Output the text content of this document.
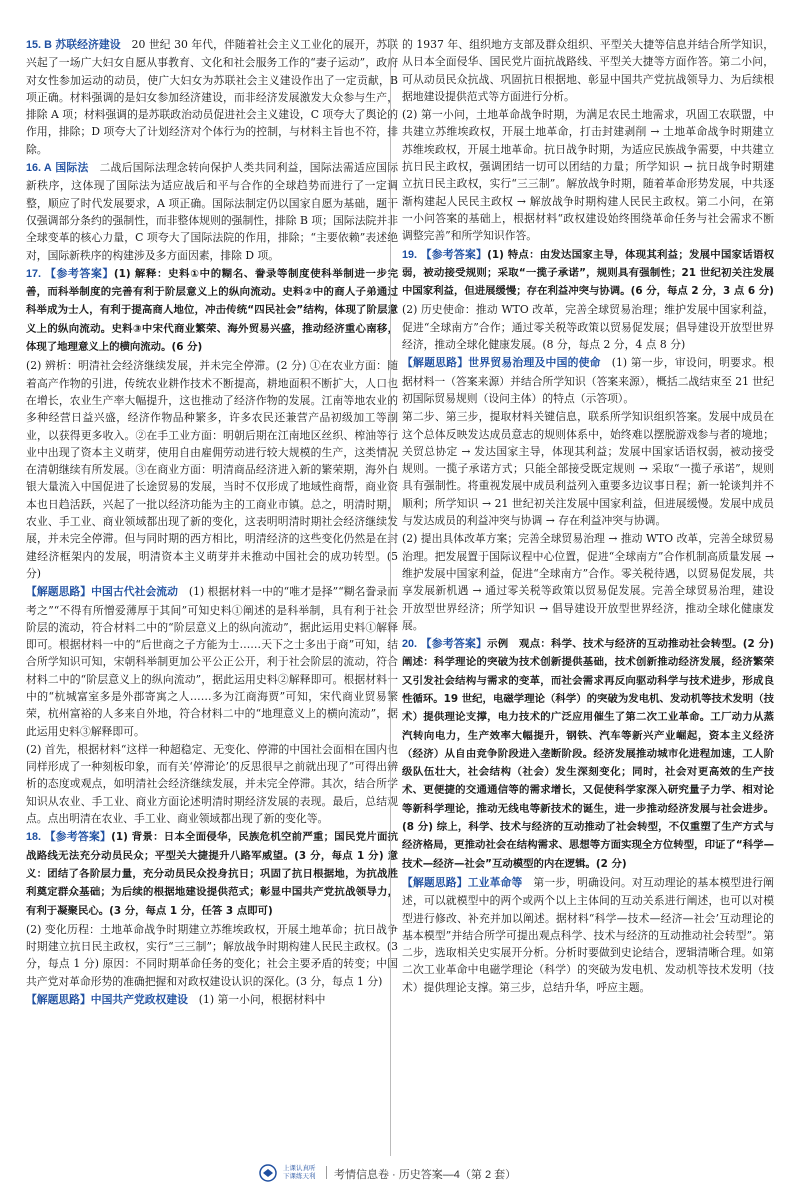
15. B 苏联经济建设　 20 世纪 30 年代，伴随着社会主义工业化的展开，苏联兴起了一场广大妇女自愿从事教育、文化和社会服务工作的“妻子运动”，政府对女性参加运动的动员，使广大妇女为苏联社会主义建设作出了一定贡献，B 项正确。材料强调的是妇女参加经济建设，而非经济发展激发大众参与生产，排除 A 项；材料强调的是苏联政治动员促进社会主义建设，C 项夸大了舆论的作用，排除；D 项夸大了计划经济对个体行为的控制，与材料主旨也不符，排除。

16. A 国际法　 二战后国际法理念转向保护人类共同利益，国际法需适应国际新秩序，这体现了国际法为适应战后和平与合作的全球趋势而进行了一定调整，顺应了时代发展要求，A 项正确。国际法制定仍以国家自愿为基础，题干仅强调部分条约的强制性，而非整体规则的强制性，排除 B 项；国际法院并非全球变革的核心力量，C 项夸大了国际法院的作用，排除；“主要依赖”表述绝对，国际新秩序的构建涉及多方面因素，排除 D 项。

17. 【参考答案】(1) 解释：史料①中的糊名、誊录等制度使科举制进一步完善，而科举制度的完善有利于阶层意义上的纵向流动。史料②中的商人子弟通过科举成为士人，有利于提高商人地位，冲击传统“四民社会”结构，体现了阶层意义上的纵向流动。史料③中宋代商业繁荣、海外贸易兴盛，推动经济重心南移，体现了地理意义上的横向流动。(6 分)

(2) 辨析：明清社会经济继续发展，并未完全停滞。(2 分) ①在农业方面：随着高产作物的引进，传统农业耕作技术不断提高，耕地面积不断扩大，人口也在增长，农业生产率大幅提升，这也推动了经济作物的发展。江南等地农业的多种经营日益兴盛，经济作物品种繁多，许多农民还兼营产品初级加工等副业，以获得更多收入。②在手工业方面：明朝后期在江南地区丝织、榨油等行业中出现了资本主义萌芽，使用自由雇佣劳动进行较大规模的生产，这类情况在清朝继续有所发展。③在商业方面：明清商品经济进入新的繁荣期，海外白银大量流入中国促进了长途贸易的发展，当时不仅形成了地域性商帮，商业资本也日趋活跃，兴起了一批以经济功能为主的工商业市镇。总之，明清时期，农业、手工业、商业领域都出现了新的变化，这表明明清时期社会经济继续发展，并未完全停滞。但与同时期的西方相比，明清经济的这些变化仍然是在封建经济框架内的发展，明清资本主义萌芽并未推动中国社会的成功转型。(5 分)

【解题思路】中国古代社会流动　 (1) 根据材料一中的“唯才是择”“糊名誊录而考之”“不得有所憎爱薄厚于其间”可知史料①阐述的是科举制，具有利于社会阶层的流动，符合材料二中的“阶层意义上的纵向流动”，据此运用史料①解释即可。根据材料一中的“后世商之子方能为士……天下之士多出于商”可知，结合所学知识可知，宋朝科举制更加公平公正公开，利于社会阶层的流动，符合材料二中的“阶层意义上的纵向流动”，据此运用史料②解释即可。根据材料一中的“杭城富室多是外郡寄寓之人……多为江商海贾”可知，宋代商业贸易繁荣，杭州富裕的人多来自外地，符合材料二中的“地理意义上的横向流动”，据此运用史料③解释即可。

(2) 首先，根据材料“这样一种超稳定、无变化、停滞的中国社会面相在国内也同样形成了一种刻板印象，而有关‘停滞论’的反思很早之前就出现了”可得出辨析的态度或观点，如明清社会经济继续发展，并未完全停滞。其次，结合所学知识从农业、手工业、商业方面论述明清时期经济发展的表现。最后，总结观点。点出明清在农业、手工业、商业领域都出现了新的变化等。

18. 【参考答案】(1) 背景：日本全面侵华，民族危机空前严重；国民党片面抗战路线无法充分动员民众；平型关大捷提升八路军威望。(3 分，每点 1 分) 意义：团结了各阶层力量，充分动员民众投身抗日；巩固了抗日根据地，为抗战胜利奠定群众基础；为后续的根据地建设提供范式；彰显中国共产党抗战领导力，有利于凝聚民心。(3 分，每点 1 分，任答 3 点即可)

(2) 变化历程：土地革命战争时期建立苏维埃政权，开展土地革命；抗日战争时期建立抗日民主政权，实行“三三制”；解放战争时期构建人民民主政权。(3 分，每点 1 分) 原因：不同时期革命任务的变化；社会主要矛盾的转变；中国共产党对革命形势的准确把握和对政权建设认识的深化。(3 分，每点 1 分)

【解题思路】中国共产党政权建设　 (1) 第一小问，根据材料中

的 1937 年、组织地方支部及群众组织、平型关大捷等信息并结合所学知识，从日本全面侵华、国民党片面抗战路线、平型关大捷等方面作答。第二小问，可从动员民众抗战、巩固抗日根据地、彰显中国共产党抗战领导力、为后续根据地建设提供范式等方面进行分析。

(2) 第一小问，土地革命战争时期，为满足农民土地需求，巩固工农联盟，中共建立苏维埃政权，开展土地革命，打击封建剥削 → 土地革命战争时期建立苏维埃政权，开展土地革命。抗日战争时期，为适应民族战争需要，中共建立抗日民主政权，强调团结一切可以团结的力量；所学知识 → 抗日战争时期建立抗日民主政权，实行“三三制”。解放战争时期，随着革命形势发展，中共逐渐构建起人民民主政权 → 解放战争时期构建人民民主政权。第二小问，在第一小问答案的基础上，根据材料“政权建设始终围绕革命任务与社会需求不断调整完善”和所学知识作答。

19. 【参考答案】(1) 特点：由发达国家主导，体现其利益；发展中国家话语权弱，被动接受规则；采取“一揽子承诺”，规则具有强制性；21 世纪初关注发展中国家利益，但进展缓慢；存在利益冲突与协调。(6 分，每点 2 分，3 点 6 分)

(2) 历史使命：推动 WTO 改革，完善全球贸易治理；维护发展中国家利益，促进“全球南方”合作；通过零关税等政策以贸易促发展；倡导建设开放型世界经济，推动全球化健康发展。(8 分，每点 2 分，4 点 8 分)

【解题思路】世界贸易治理及中国的使命　 (1) 第一步，审设问，明要求。根据材料一（答案来源）并结合所学知识（答案来源），概括二战结束至 21 世纪初国际贸易规则（设问主体）的特点（示答项）。

第二步、第三步，提取材料关键信息，联系所学知识组织答案。发展中成员在这个总体反映发达成员意志的规则体系中，始终难以摆脱游戏参与者的境地；关贸总协定 → 发达国家主导，体现其利益；发展中国家话语权弱，被动接受规则。一揽子承诺方式；只能全部接受既定规则 → 采取“一揽子承诺”，规则具有强制性。将重视发展中成员利益列入重要多边议事日程；新一轮谈判并不顺利；所学知识 → 21 世纪初关注发展中国家利益，但进展缓慢。发展中成员与发达成员的利益冲突与协调 → 存在利益冲突与协调。

(2) 提出具体改革方案；完善全球贸易治理 → 推动 WTO 改革，完善全球贸易治理。把发展置于国际议程中心位置，促进“全球南方”合作机制高质量发展 → 维护发展中国家利益，促进“全球南方”合作。零关税待遇，以贸易促发展，共享发展新机遇 → 通过零关税等政策以贸易促发展。完善全球贸易治理，建设开放型世界经济；所学知识 → 倡导建设开放型世界经济，推动全球化健康发展。

20. 【参考答案】示例　观点：科学、技术与经济的互动推动社会转型。(2 分) 阐述：科学理论的突破为技术创新提供基础，技术创新推动经济发展，经济繁荣又引发社会结构与需求的变革，而社会需求再反向驱动科学与技术进步，形成良性循环。19 世纪，电磁学理论（科学）的突破为发电机、发动机等技术发明（技术）提供理论支撑，电力技术的广泛应用催生了第二次工业革命。工厂动力从蒸汽转向电力，生产效率大幅提升，钢铁、汽车等新兴产业崛起，资本主义经济（经济）从自由竞争阶段进入垄断阶段。经济发展推动城市化进程加速，工人阶级队伍壮大，社会结构（社会）发生深刻变化；同时，社会对更高效的生产技术、更便捷的交通通信等的需求增长，又促使科学家深入研究量子力学、相对论等新科学理论，推动无线电等新技术的诞生，进一步推动经济发展与社会进步。(8 分) 综上，科学、技术与经济的互动推动了社会转型，不仅重塑了生产方式与经济格局，更推动社会在结构需求、思想等方面实现全方位转型，印证了“科学—技术—经济—社会”互动模型的内在逻辑。(2 分)

【解题思路】工业革命等　 第一步，明确设问。对互动理论的基本模型进行阐述，可以就模型中的两个或两个以上主体间的互动关系进行阐述，也可以对模型进行修改、补充并加以阐述。据材料“科学—技术—经济—社会’互动理论的基本模型”并结合所学可提出观点科学、技术与经济的互动推动社会转型”。第二步，选取相关史实展开分析。分析时要做到史论结合，逻辑清晰合理。如第二次工业革命中电磁学理论（科学）的突破为发电机、发动机等技术发明（技术）提供理论支撑。第三步，总结升华，呼应主题。

上课认真听
下课练天利	考情信息卷 · 历史答案—4（第 2 套）
